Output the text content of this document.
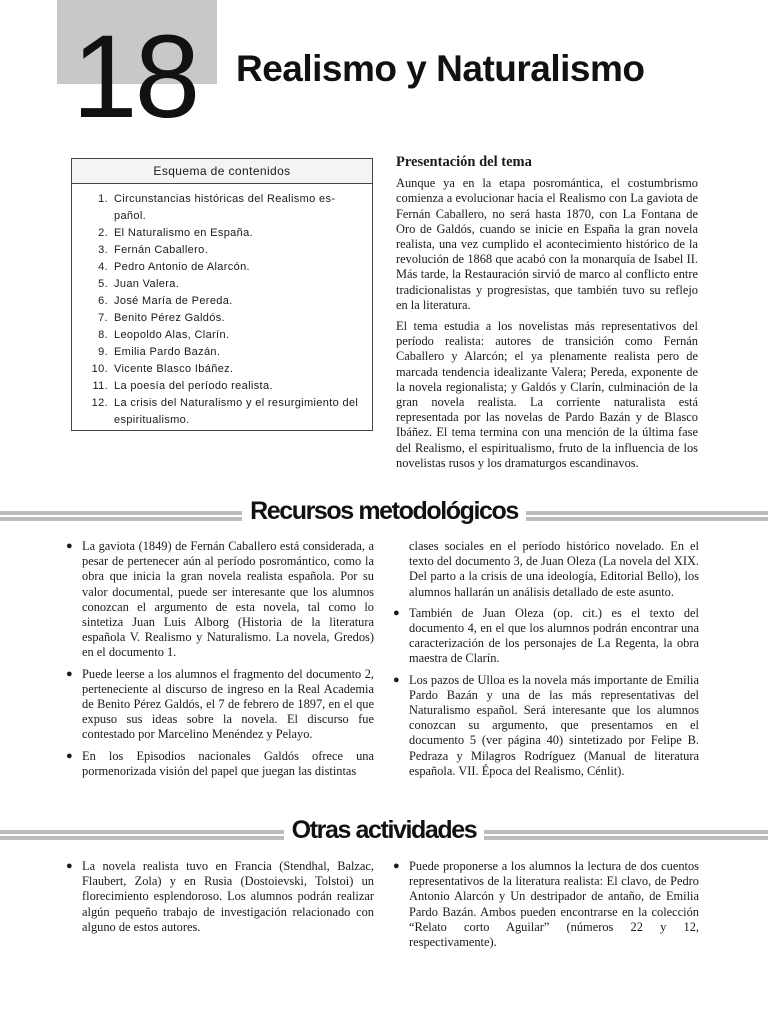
18 Realismo y Naturalismo
Esquema de contenidos
1. Circunstancias históricas del Realismo es-pañol.
2. El Naturalismo en España.
3. Fernán Caballero.
4. Pedro Antonio de Alarcón.
5. Juan Valera.
6. José María de Pereda.
7. Benito Pérez Galdós.
8. Leopoldo Alas, Clarín.
9. Emilia Pardo Bazán.
10. Vicente Blasco Ibáñez.
11. La poesía del período realista.
12. La crisis del Naturalismo y el resurgimiento del espiritualismo.
Presentación del tema

Aunque ya en la etapa posromántica, el costumbrismo comienza a evolucionar hacia el Realismo con La gaviota de Fernán Caballero, no será hasta 1870, con La Fontana de Oro de Galdós, cuando se inicie en España la gran novela realista, una vez cumplido el acontecimiento histórico de la revolución de 1868 que acabó con la monarquía de Isabel II. Más tarde, la Restauración sirvió de marco al conflicto entre tradicionalistas y progresistas, que también tuvo su reflejo en la literatura.

El tema estudia a los novelistas más representativos del período realista: autores de transición como Fernán Caballero y Alarcón; el ya plenamente realista pero de marcada tendencia idealizante Valera; Pereda, exponente de la novela regionalista; y Galdós y Clarín, culminación de la gran novela realista. La corriente naturalista está representada por las novelas de Pardo Bazán y de Blasco Ibáñez. El tema termina con una mención de la última fase del Realismo, el espiritualismo, fruto de la influencia de los novelistas rusos y los dramaturgos escandinavos.

Recursos metodológicos
● La gaviota (1849) de Fernán Caballero está considerada, a pesar de pertenecer aún al período posromántico, como la obra que inicia la gran novela realista española. Por su valor documental, puede ser interesante que los alumnos conozcan el argumento de esta novela, tal como lo sintetiza Juan Luis Alborg (Historia de la literatura española V. Realismo y Naturalismo. La novela, Gredos) en el documento 1.
● Puede leerse a los alumnos el fragmento del documento 2, perteneciente al discurso de ingreso en la Real Academia de Benito Pérez Galdós, el 7 de febrero de 1897, en el que expuso sus ideas sobre la novela. El discurso fue contestado por Marcelino Menéndez y Pelayo.
● En los Episodios nacionales Galdós ofrece una pormenorizada visión del papel que juegan las distintas
clases sociales en el período histórico novelado. En el texto del documento 3, de Juan Oleza (La novela del XIX. Del parto a la crisis de una ideología, Editorial Bello), los alumnos hallarán un análisis detallado de este asunto.
● También de Juan Oleza (op. cit.) es el texto del documento 4, en el que los alumnos podrán encontrar una caracterización de los personajes de La Regenta, la obra maestra de Clarín.
● Los pazos de Ulloa es la novela más importante de Emilia Pardo Bazán y una de las más representativas del Naturalismo español. Será interesante que los alumnos conozcan su argumento, que presentamos en el documento 5 (ver página 40) sintetizado por Felipe B. Pedraza y Milagros Rodríguez (Manual de literatura española. VII. Época del Realismo, Cénlit).
Otras actividades
● La novela realista tuvo en Francia (Stendhal, Balzac, Flaubert, Zola) y en Rusia (Dostoievski, Tolstoi) un florecimiento esplendoroso. Los alumnos podrán realizar algún pequeño trabajo de investigación relacionado con alguno de estos autores.
● Puede proponerse a los alumnos la lectura de dos cuentos representativos de la literatura realista: El clavo, de Pedro Antonio Alarcón y Un destripador de antaño, de Emilia Pardo Bazán. Ambos pueden encontrarse en la colección “Relato corto Aguilar” (números 22 y 12, respectivamente).
